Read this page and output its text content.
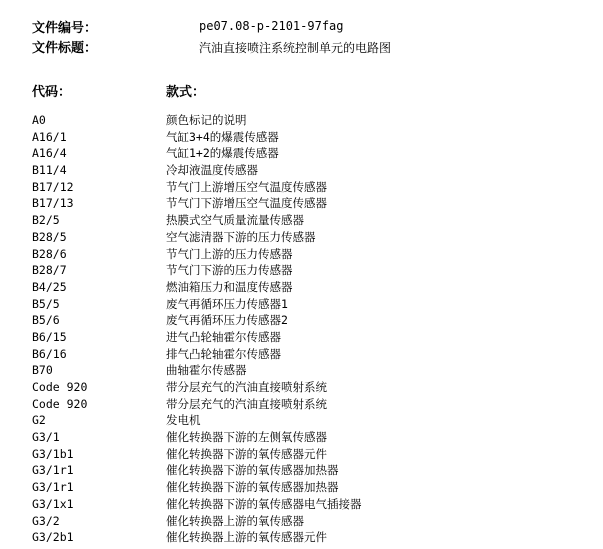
文件编号：	pe07.08-p-2101-97fag
文件标题：	汽油直接喷注系统控制单元的电路图
代码：	款式：
A0	颜色标记的说明
A16/1	气缸3+4的爆震传感器
A16/4	气缸1+2的爆震传感器
B11/4	冷却液温度传感器
B17/12	节气门上游增压空气温度传感器
B17/13	节气门下游增压空气温度传感器
B2/5	热膜式空气质量流量传感器
B28/5	空气滤清器下游的压力传感器
B28/6	节气门上游的压力传感器
B28/7	节气门下游的压力传感器
B4/25	燃油箱压力和温度传感器
B5/5	废气再循环压力传感器1
B5/6	废气再循环压力传感器2
B6/15	进气凸轮轴霍尔传感器
B6/16	排气凸轮轴霍尔传感器
B70	曲轴霍尔传感器
Code 920	带分层充气的汽油直接喷射系统
Code 920	带分层充气的汽油直接喷射系统
G2	发电机
G3/1	催化转换器下游的左侧氧传感器
G3/1b1	催化转换器下游的氧传感器元件
G3/1r1	催化转换器下游的氧传感器加热器
G3/1r1	催化转换器下游的氧传感器加热器
G3/1x1	催化转换器下游的氧传感器电气插接器
G3/2	催化转换器上游的氧传感器
G3/2b1	催化转换器上游的氧传感器元件
